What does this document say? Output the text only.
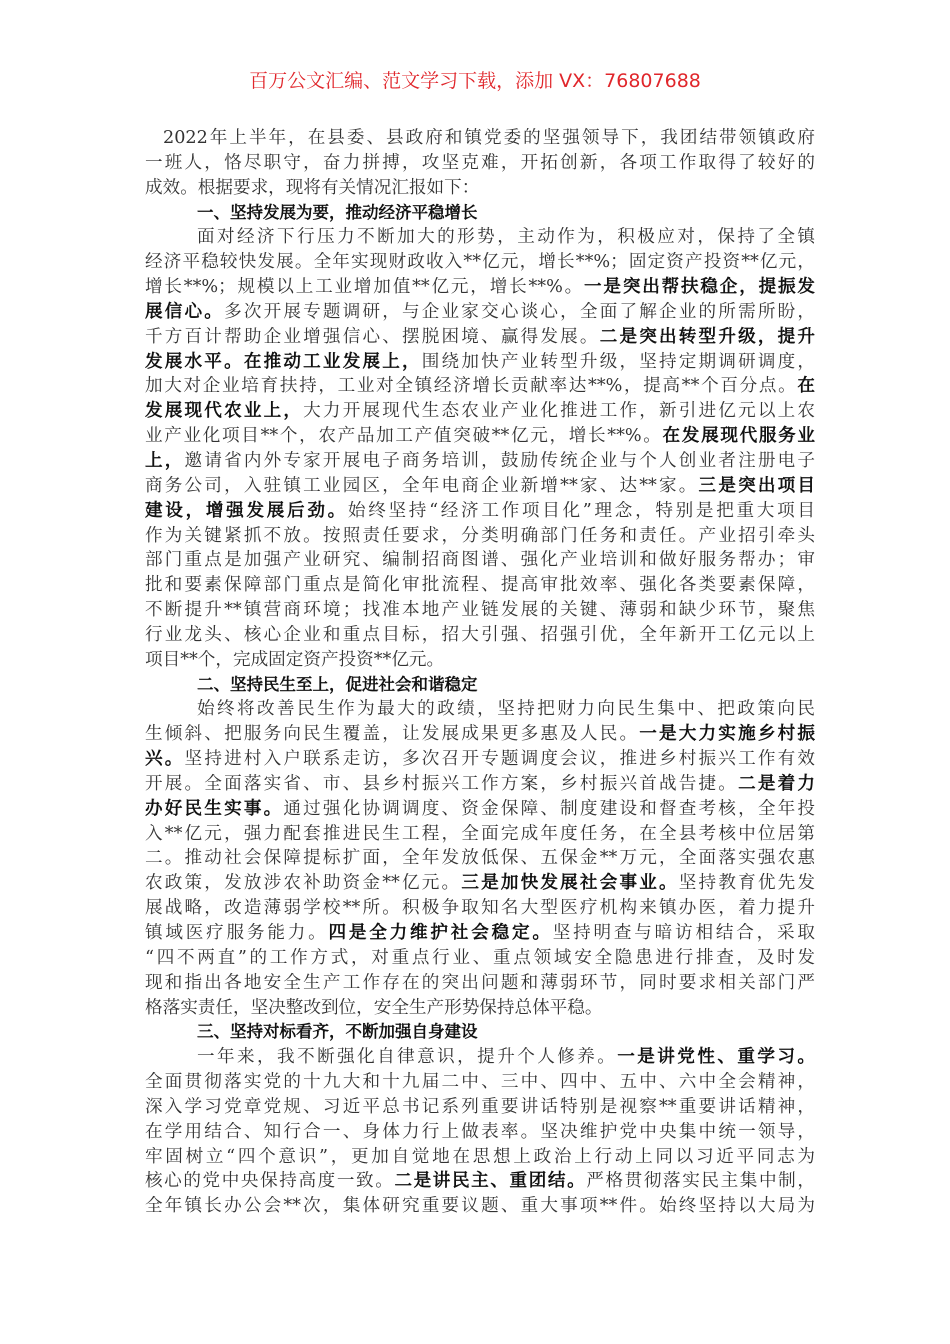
百万公文汇编、范文学习下载，添加 VX：76807688
2022年上半年，在县委、县政府和镇党委的坚强领导下，我团结带领镇政府
一班人，恪尽职守，奋力拼搏，攻坚克难，开拓创新，各项工作取得了较好的
成效。根据要求，现将有关情况汇报如下：
一、坚持发展为要，推动经济平稳增长
面对经济下行压力不断加大的形势，主动作为，积极应对，保持了全镇
经济平稳较快发展。全年实现财政收入**亿元，增长**%；固定资产投资**亿元，
增长**%；规模以上工业增加值**亿元，增长**%。一是突出帮扶稳企，提振发
展信心。多次开展专题调研，与企业家交心谈心，全面了解企业的所需所盼，
千方百计帮助企业增强信心、摆脱困境、赢得发展。二是突出转型升级，提升
发展水平。在推动工业发展上，围绕加快产业转型升级，坚持定期调研调度，
加大对企业培育扶持，工业对全镇经济增长贡献率达**%，提高**个百分点。在
发展现代农业上，大力开展现代生态农业产业化推进工作，新引进亿元以上农
业产业化项目**个，农产品加工产值突破**亿元，增长**%。在发展现代服务业
上，邀请省内外专家开展电子商务培训，鼓励传统企业与个人创业者注册电子
商务公司，入驻镇工业园区，全年电商企业新增**家、达**家。三是突出项目
建设，增强发展后劲。始终坚持“经济工作项目化”理念，特别是把重大项目
作为关键紧抓不放。按照责任要求，分类明确部门任务和责任。产业招引牵头
部门重点是加强产业研究、编制招商图谱、强化产业培训和做好服务帮办；审
批和要素保障部门重点是简化审批流程、提高审批效率、强化各类要素保障，
不断提升**镇营商环境；找准本地产业链发展的关键、薄弱和缺少环节，聚焦
行业龙头、核心企业和重点目标，招大引强、招强引优，全年新开工亿元以上
项目**个，完成固定资产投资**亿元。
二、坚持民生至上，促进社会和谐稳定
始终将改善民生作为最大的政绩，坚持把财力向民生集中、把政策向民
生倾斜、把服务向民生覆盖，让发展成果更多惠及人民。一是大力实施乡村振
兴。坚持进村入户联系走访，多次召开专题调度会议，推进乡村振兴工作有效
开展。全面落实省、市、县乡村振兴工作方案，乡村振兴首战告捷。二是着力
办好民生实事。通过强化协调调度、资金保障、制度建设和督查考核，全年投
入**亿元，强力配套推进民生工程，全面完成年度任务，在全县考核中位居第
二。推动社会保障提标扩面，全年发放低保、五保金**万元，全面落实强农惠
农政策，发放涉农补助资金**亿元。三是加快发展社会事业。坚持教育优先发
展战略，改造薄弱学校**所。积极争取知名大型医疗机构来镇办医，着力提升
镇域医疗服务能力。四是全力维护社会稳定。坚持明查与暗访相结合，采取
“四不两直”的工作方式，对重点行业、重点领域安全隐患进行排查，及时发
现和指出各地安全生产工作存在的突出问题和薄弱环节，同时要求相关部门严
格落实责任，坚决整改到位，安全生产形势保持总体平稳。
三、坚持对标看齐，不断加强自身建设
一年来，我不断强化自律意识，提升个人修养。一是讲党性、重学习。
全面贯彻落实党的十九大和十九届二中、三中、四中、五中、六中全会精神，
深入学习党章党规、习近平总书记系列重要讲话特别是视察**重要讲话精神，
在学用结合、知行合一、身体力行上做表率。坚决维护党中央集中统一领导，
牢固树立“四个意识”，更加自觉地在思想上政治上行动上同以习近平同志为
核心的党中央保持高度一致。二是讲民主、重团结。严格贯彻落实民主集中制，
全年镇长办公会**次，集体研究重要议题、重大事项**件。始终坚持以大局为
